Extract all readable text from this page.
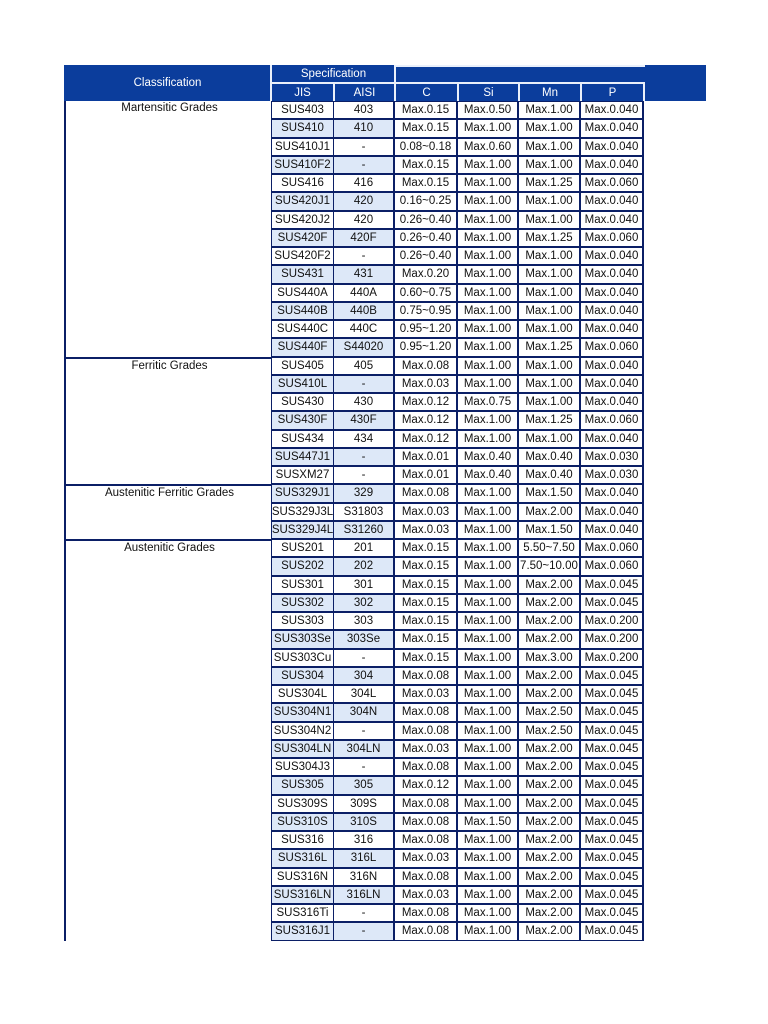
Classification
Specification
JIS	AISI	C	Si	Mn	P
Martensitic Grades
Ferritic Grades
Austenitic Ferritic Grades
Austenitic Grades
SUS403	403	Max.0.15	Max.0.50	Max.1.00	Max.0.040
SUS410	410	Max.0.15	Max.1.00	Max.1.00	Max.0.040
SUS410J1	-	0.08~0.18	Max.0.60	Max.1.00	Max.0.040
SUS410F2	-	Max.0.15	Max.1.00	Max.1.00	Max.0.040
SUS416	416	Max.0.15	Max.1.00	Max.1.25	Max.0.060
SUS420J1	420	0.16~0.25	Max.1.00	Max.1.00	Max.0.040
SUS420J2	420	0.26~0.40	Max.1.00	Max.1.00	Max.0.040
SUS420F	420F	0.26~0.40	Max.1.00	Max.1.25	Max.0.060
SUS420F2	-	0.26~0.40	Max.1.00	Max.1.00	Max.0.040
SUS431	431	Max.0.20	Max.1.00	Max.1.00	Max.0.040
SUS440A	440A	0.60~0.75	Max.1.00	Max.1.00	Max.0.040
SUS440B	440B	0.75~0.95	Max.1.00	Max.1.00	Max.0.040
SUS440C	440C	0.95~1.20	Max.1.00	Max.1.00	Max.0.040
SUS440F	S44020	0.95~1.20	Max.1.00	Max.1.25	Max.0.060
SUS405	405	Max.0.08	Max.1.00	Max.1.00	Max.0.040
SUS410L	-	Max.0.03	Max.1.00	Max.1.00	Max.0.040
SUS430	430	Max.0.12	Max.0.75	Max.1.00	Max.0.040
SUS430F	430F	Max.0.12	Max.1.00	Max.1.25	Max.0.060
SUS434	434	Max.0.12	Max.1.00	Max.1.00	Max.0.040
SUS447J1	-	Max.0.01	Max.0.40	Max.0.40	Max.0.030
SUSXM27	-	Max.0.01	Max.0.40	Max.0.40	Max.0.030
SUS329J1	329	Max.0.08	Max.1.00	Max.1.50	Max.0.040
SUS329J3L S31803	Max.0.03	Max.1.00	Max.2.00	Max.0.040
SUS329J4L S31260	Max.0.03	Max.1.00	Max.1.50	Max.0.040
SUS201	201	Max.0.15	Max.1.00	5.50~7.50 Max.0.060
SUS202	202	Max.0.15	Max.1.00 7.50~10.00 Max.0.060
SUS301	301	Max.0.15	Max.1.00	Max.2.00	Max.0.045
SUS302	302	Max.0.15	Max.1.00	Max.2.00	Max.0.045
SUS303	303	Max.0.15	Max.1.00	Max.2.00	Max.0.200
SUS303Se	303Se	Max.0.15	Max.1.00	Max.2.00	Max.0.200
SUS303Cu	-	Max.0.15	Max.1.00	Max.3.00	Max.0.200
SUS304	304	Max.0.08	Max.1.00	Max.2.00	Max.0.045
SUS304L	304L	Max.0.03	Max.1.00	Max.2.00	Max.0.045
SUS304N1	304N	Max.0.08	Max.1.00	Max.2.50	Max.0.045
SUS304N2	-	Max.0.08	Max.1.00	Max.2.50	Max.0.045
SUS304LN	304LN	Max.0.03	Max.1.00	Max.2.00	Max.0.045
SUS304J3	-	Max.0.08	Max.1.00	Max.2.00	Max.0.045
SUS305	305	Max.0.12	Max.1.00	Max.2.00	Max.0.045
SUS309S	309S	Max.0.08	Max.1.00	Max.2.00	Max.0.045
SUS310S	310S	Max.0.08	Max.1.50	Max.2.00	Max.0.045
SUS316	316	Max.0.08	Max.1.00	Max.2.00	Max.0.045
SUS316L	316L	Max.0.03	Max.1.00	Max.2.00	Max.0.045
SUS316N	316N	Max.0.08	Max.1.00	Max.2.00	Max.0.045
SUS316LN	316LN	Max.0.03	Max.1.00	Max.2.00	Max.0.045
SUS316Ti	-	Max.0.08	Max.1.00	Max.2.00	Max.0.045
SUS316J1	-	Max.0.08	Max.1.00	Max.2.00	Max.0.045
